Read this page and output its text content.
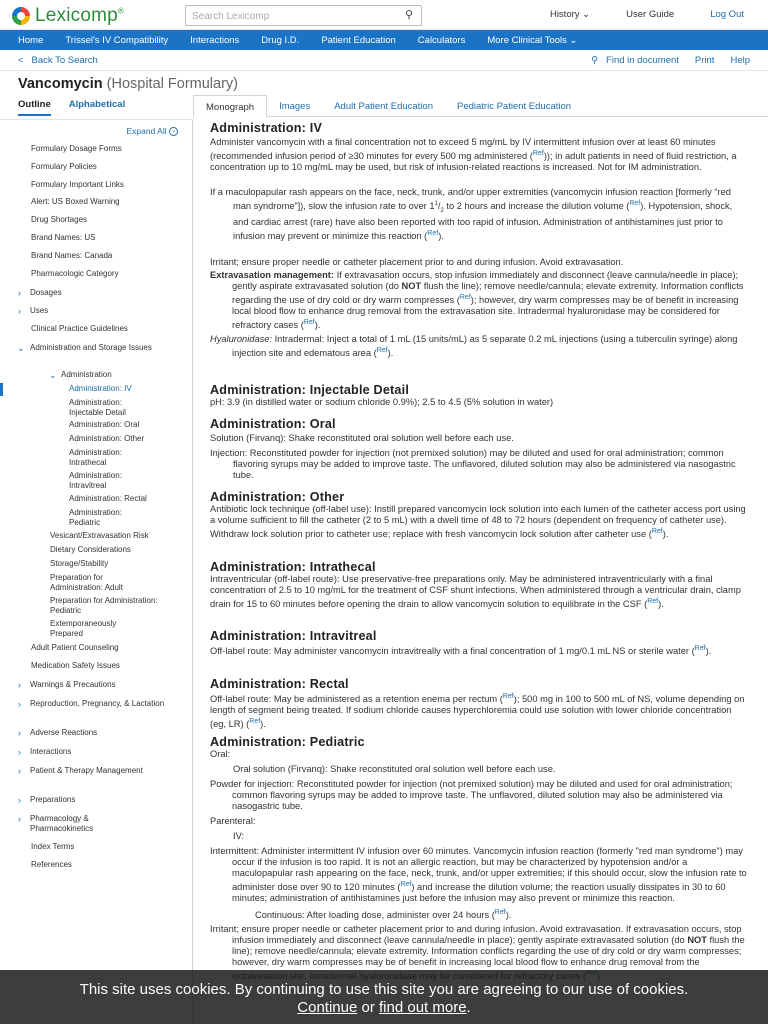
Lexicomp®
Search Lexicomp	⚲	History ⌄	User Guide	Log Out
Home Trissel's IV Compatibility Interactions Drug I.D. Patient Education Calculators More Clinical Tools ⌄
< Back To Search	⚲ Find in document Print Help
Vancomycin (Hospital Formulary)
Outline Alphabetical	Monograph	Images	Adult Patient Education	Pediatric Patient Education
Expand All ⌄
Formulary Dosage Forms
Formulary Policies
Formulary Important Links
Alert: US Boxed Warning
Drug Shortages
Brand Names: US
Brand Names: Canada
Pharmacologic Category
›	Dosages
›	Uses
Clinical Practice Guidelines
⌄ Administration and Storage Issues
⌄ Administration
Administration: IV
Administration: Injectable Detail
Administration: Oral
Administration: Other
Administration: Intrathecal
Administration: Intravitreal
Administration: Rectal
Administration: Pediatric
Vesicant/Extravasation Risk
Dietary Considerations
Storage/Stability
Preparation for Administration: Adult
Preparation for Administration: Pediatric
Extemporaneously Prepared
Adult Patient Counseling
Medication Safety Issues
›	Warnings & Precautions
›	Reproduction, Pregnancy, & Lactation
›	Adverse Reactions
›	Interactions
›	Patient & Therapy Management
›	Preparations
›	Pharmacology & Pharmacokinetics
Index Terms
References
Administration: IV

Administer vancomycin with a final concentration not to exceed 5 mg/mL by IV intermittent infusion over at least 60 minutes (recommended infusion period of ≥30 minutes for every 500 mg administered ($^{Ref}$)); in adult patients in need of fluid restriction, a concentration up to 10 mg/mL may be used, but risk of infusion-related reactions is increased. Not for IM administration.

If a maculopapular rash appears on the face, neck, trunk, and/or upper extremities (vancomycin infusion reaction [formerly “red man syndrome”]), slow the infusion rate to over $1^1/_2$ to 2 hours and increase the dilution volume ($^{Ref}$). Hypotension, shock, and cardiac arrest (rare) have also been reported with too rapid of infusion. Administration of antihistamines just prior to infusion may prevent or minimize this reaction ($^{Ref}$).

Irritant; ensure proper needle or catheter placement prior to and during infusion. Avoid extravasation.

Extravasation management: If extravasation occurs, stop infusion immediately and disconnect (leave cannula/needle in place); gently aspirate extravasated solution (do NOT flush the line); remove needle/cannula; elevate extremity. Information conflicts regarding the use of dry cold or dry warm compresses ($^{Ref}$); however, dry warm compresses may be of benefit in increasing local blood flow to enhance drug removal from the extravasation site. Intradermal hyaluronidase may be considered for refractory cases ($^{Ref}$).

Hyaluronidase: Intradermal: Inject a total of 1 mL (15 units/mL) as 5 separate 0.2 mL injections (using a tuberculin syringe) along injection site and edematous area ($^{Ref}$).

Administration: Injectable Detail

pH: 3.9 (in distilled water or sodium chloride 0.9%); 2.5 to 4.5 (5% solution in water)

Administration: Oral

Solution (Firvanq): Shake reconstituted oral solution well before each use.

Injection: Reconstituted powder for injection (not premixed solution) may be diluted and used for oral administration; common flavoring syrups may be added to improve taste. The unflavored, diluted solution may also be administered via nasogastric tube.

Administration: Other

Antibiotic lock technique (off-label use): Instill prepared vancomycin lock solution into each lumen of the catheter access port using a volume sufficient to fill the catheter (2 to 5 mL) with a dwell time of 48 to 72 hours (dependent on frequency of catheter use). Withdraw lock solution prior to catheter use; replace with fresh vancomycin lock solution after catheter use ($^{Ref}$).

Administration: Intrathecal

Intraventricular (off-label route): Use preservative-free preparations only. May be administered intraventricularly with a final concentration of 2.5 to 10 mg/mL for the treatment of CSF shunt infections. When administered through a ventricular drain, clamp drain for 15 to 60 minutes before opening the drain to allow vancomycin solution to equilibrate in the CSF ($^{Ref}$).

Administration: Intravitreal

Off-label route: May administer vancomycin intravitreally with a final concentration of 1 mg/0.1 mL NS or sterile water ($^{Ref}$).

Administration: Rectal

Off-label route: May be administered as a retention enema per rectum ($^{Ref}$); 500 mg in 100 to 500 mL of NS, volume depending on length of segment being treated. If sodium chloride causes hyperchloremia could use solution with lower chloride concentration (eg, LR) ($^{Ref}$).

Administration: Pediatric

Oral:

Oral solution (Firvanq): Shake reconstituted oral solution well before each use.

Powder for injection: Reconstituted powder for injection (not premixed solution) may be diluted and used for oral administration; common flavoring syrups may be added to improve taste. The unflavored, diluted solution may also be administered via nasogastric tube.

Parenteral:

IV:

Intermittent: Administer intermittent IV infusion over 60 minutes. Vancomycin infusion reaction (formerly "red man syndrome") may occur if the infusion is too rapid. It is not an allergic reaction, but may be characterized by hypotension and/or a maculopapular rash appearing on the face, neck, trunk, and/or upper extremities; if this should occur, slow the infusion rate to administer dose over 90 to 120 minutes ($^{Ref}$) and increase the dilution volume; the reaction usually dissipates in 30 to 60 minutes; administration of antihistamines just before the infusion may also prevent or minimize this reaction.

Continuous: After loading dose, administer over 24 hours ($^{Ref}$).

Irritant; ensure proper needle or catheter placement prior to and during infusion. Avoid extravasation. If extravasation occurs, stop infusion immediately and disconnect (leave cannula/needle in place); gently aspirate extravasated solution (do NOT flush the line); remove needle/cannula; elevate extremity. Information conflicts regarding the use of dry cold or dry warm compresses; however, dry warm compresses may be of benefit in increasing local blood flow to enhance drug removal from the

This site uses cookies. By continuing to use this site you are agreeing to our use of cookies.
Continue or find out more.
